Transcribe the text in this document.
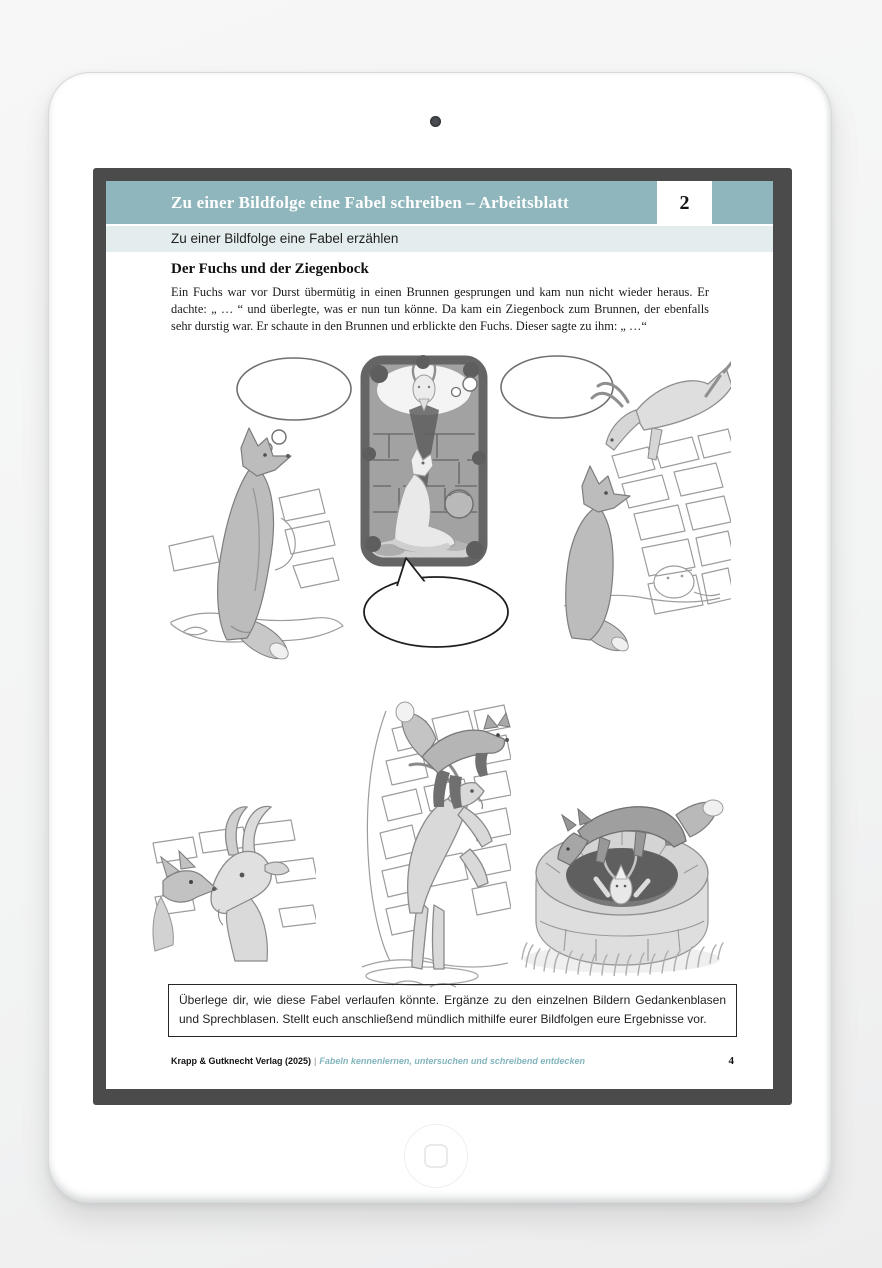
Zu einer Bildfolge eine Fabel schreiben – Arbeitsblatt	2
Zu einer Bildfolge eine Fabel erzählen
Der Fuchs und der Ziegenbock
Ein Fuchs war vor Durst übermütig in einen Brunnen gesprungen und kam nun nicht wieder heraus. Er dachte: „ … “ und überlegte, was er nun tun könne. Da kam ein Ziegenbock zum Brunnen, der ebenfalls sehr durstig war. Er schaute in den Brunnen und erblickte den Fuchs. Dieser sagte zu ihm: „ …“
Überlege dir, wie diese Fabel verlaufen könnte. Ergänze zu den einzelnen Bildern Gedankenblasen und Sprechblasen. Stellt euch anschließend mündlich mithilfe eurer Bildfolgen eure Ergebnisse vor.
Krapp & Gutknecht Verlag (2025) | Fabeln kennenlernen, untersuchen und schreibend entdecken	4
